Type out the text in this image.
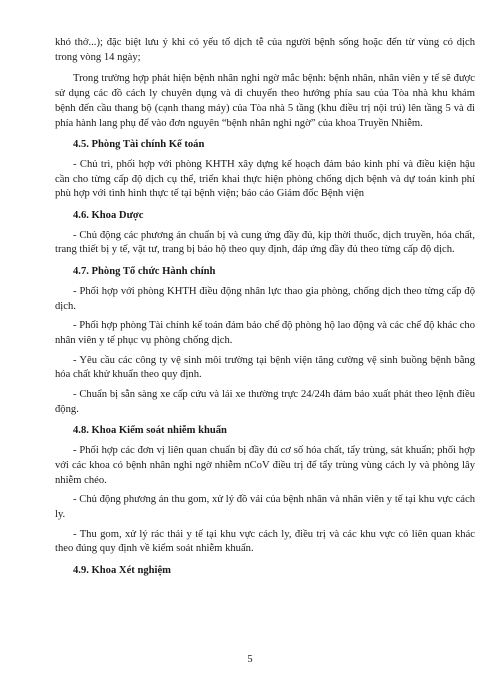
khó thở...); đặc biệt lưu ý khi có yếu tố dịch tễ của người bệnh sống hoặc đến từ vùng có dịch trong vòng 14 ngày;

Trong trường hợp phát hiện bệnh nhân nghi ngờ mắc bệnh: bệnh nhân, nhân viên y tế sẽ được sử dụng các đồ cách ly chuyên dụng và di chuyển theo hướng phía sau của Tòa nhà khu khám bệnh đến cầu thang bộ (cạnh thang máy) của Tòa nhà 5 tầng (khu điều trị nội trú) lên tầng 5 và đi phía hành lang phụ để vào đơn nguyên “bệnh nhân nghi ngờ” của khoa Truyền Nhiễm.

4.5. Phòng Tài chính Kế toán

- Chủ trì, phối hợp với phòng KHTH xây dựng kế hoạch đảm bảo kinh phí và điều kiện hậu cần cho từng cấp độ dịch cụ thể, triển khai thực hiện phòng chống dịch bệnh và dự toán kinh phí phù hợp với tình hình thực tế tại bệnh viện; báo cáo Giám đốc Bệnh viện

4.6. Khoa Dược

- Chủ động các phương án chuẩn bị và cung ứng đầy đủ, kịp thời thuốc, dịch truyền, hóa chất, trang thiết bị y tế, vật tư, trang bị bảo hộ theo quy định, đáp ứng đầy đủ theo từng cấp độ dịch.

4.7. Phòng Tổ chức Hành chính

- Phối hợp với phòng KHTH điều động nhân lực thao gia phòng, chống dịch theo từng cấp độ dịch.

- Phối hợp phòng Tài chính kế toán đảm bảo chế độ phòng hộ lao động và các chế độ khác cho nhân viên y tế phục vụ phòng chống dịch.

- Yêu cầu các công ty vệ sinh môi trường tại bệnh viện tăng cường vệ sinh buồng bệnh bằng hóa chất khử khuẩn theo quy định.

- Chuẩn bị sẵn sàng xe cấp cứu và lái xe thường trực 24/24h đảm bảo xuất phát theo lệnh điều động.

4.8. Khoa Kiểm soát nhiễm khuẩn

- Phối hợp các đơn vị liên quan chuẩn bị đầy đủ cơ số hóa chất, tẩy trùng, sát khuẩn; phối hợp với các khoa có bệnh nhân nghi ngờ nhiễm nCoV điều trị để tẩy trùng vùng cách ly và phòng lây nhiễm chéo.

- Chủ động phương án thu gom, xử lý đồ vải của bệnh nhân và nhân viên y tế tại khu vực cách ly.

- Thu gom, xử lý rác thải y tế tại khu vực cách ly, điều trị và các khu vực có liên quan khác theo đúng quy định về kiểm soát nhiễm khuẩn.

4.9. Khoa Xét nghiệm

5
